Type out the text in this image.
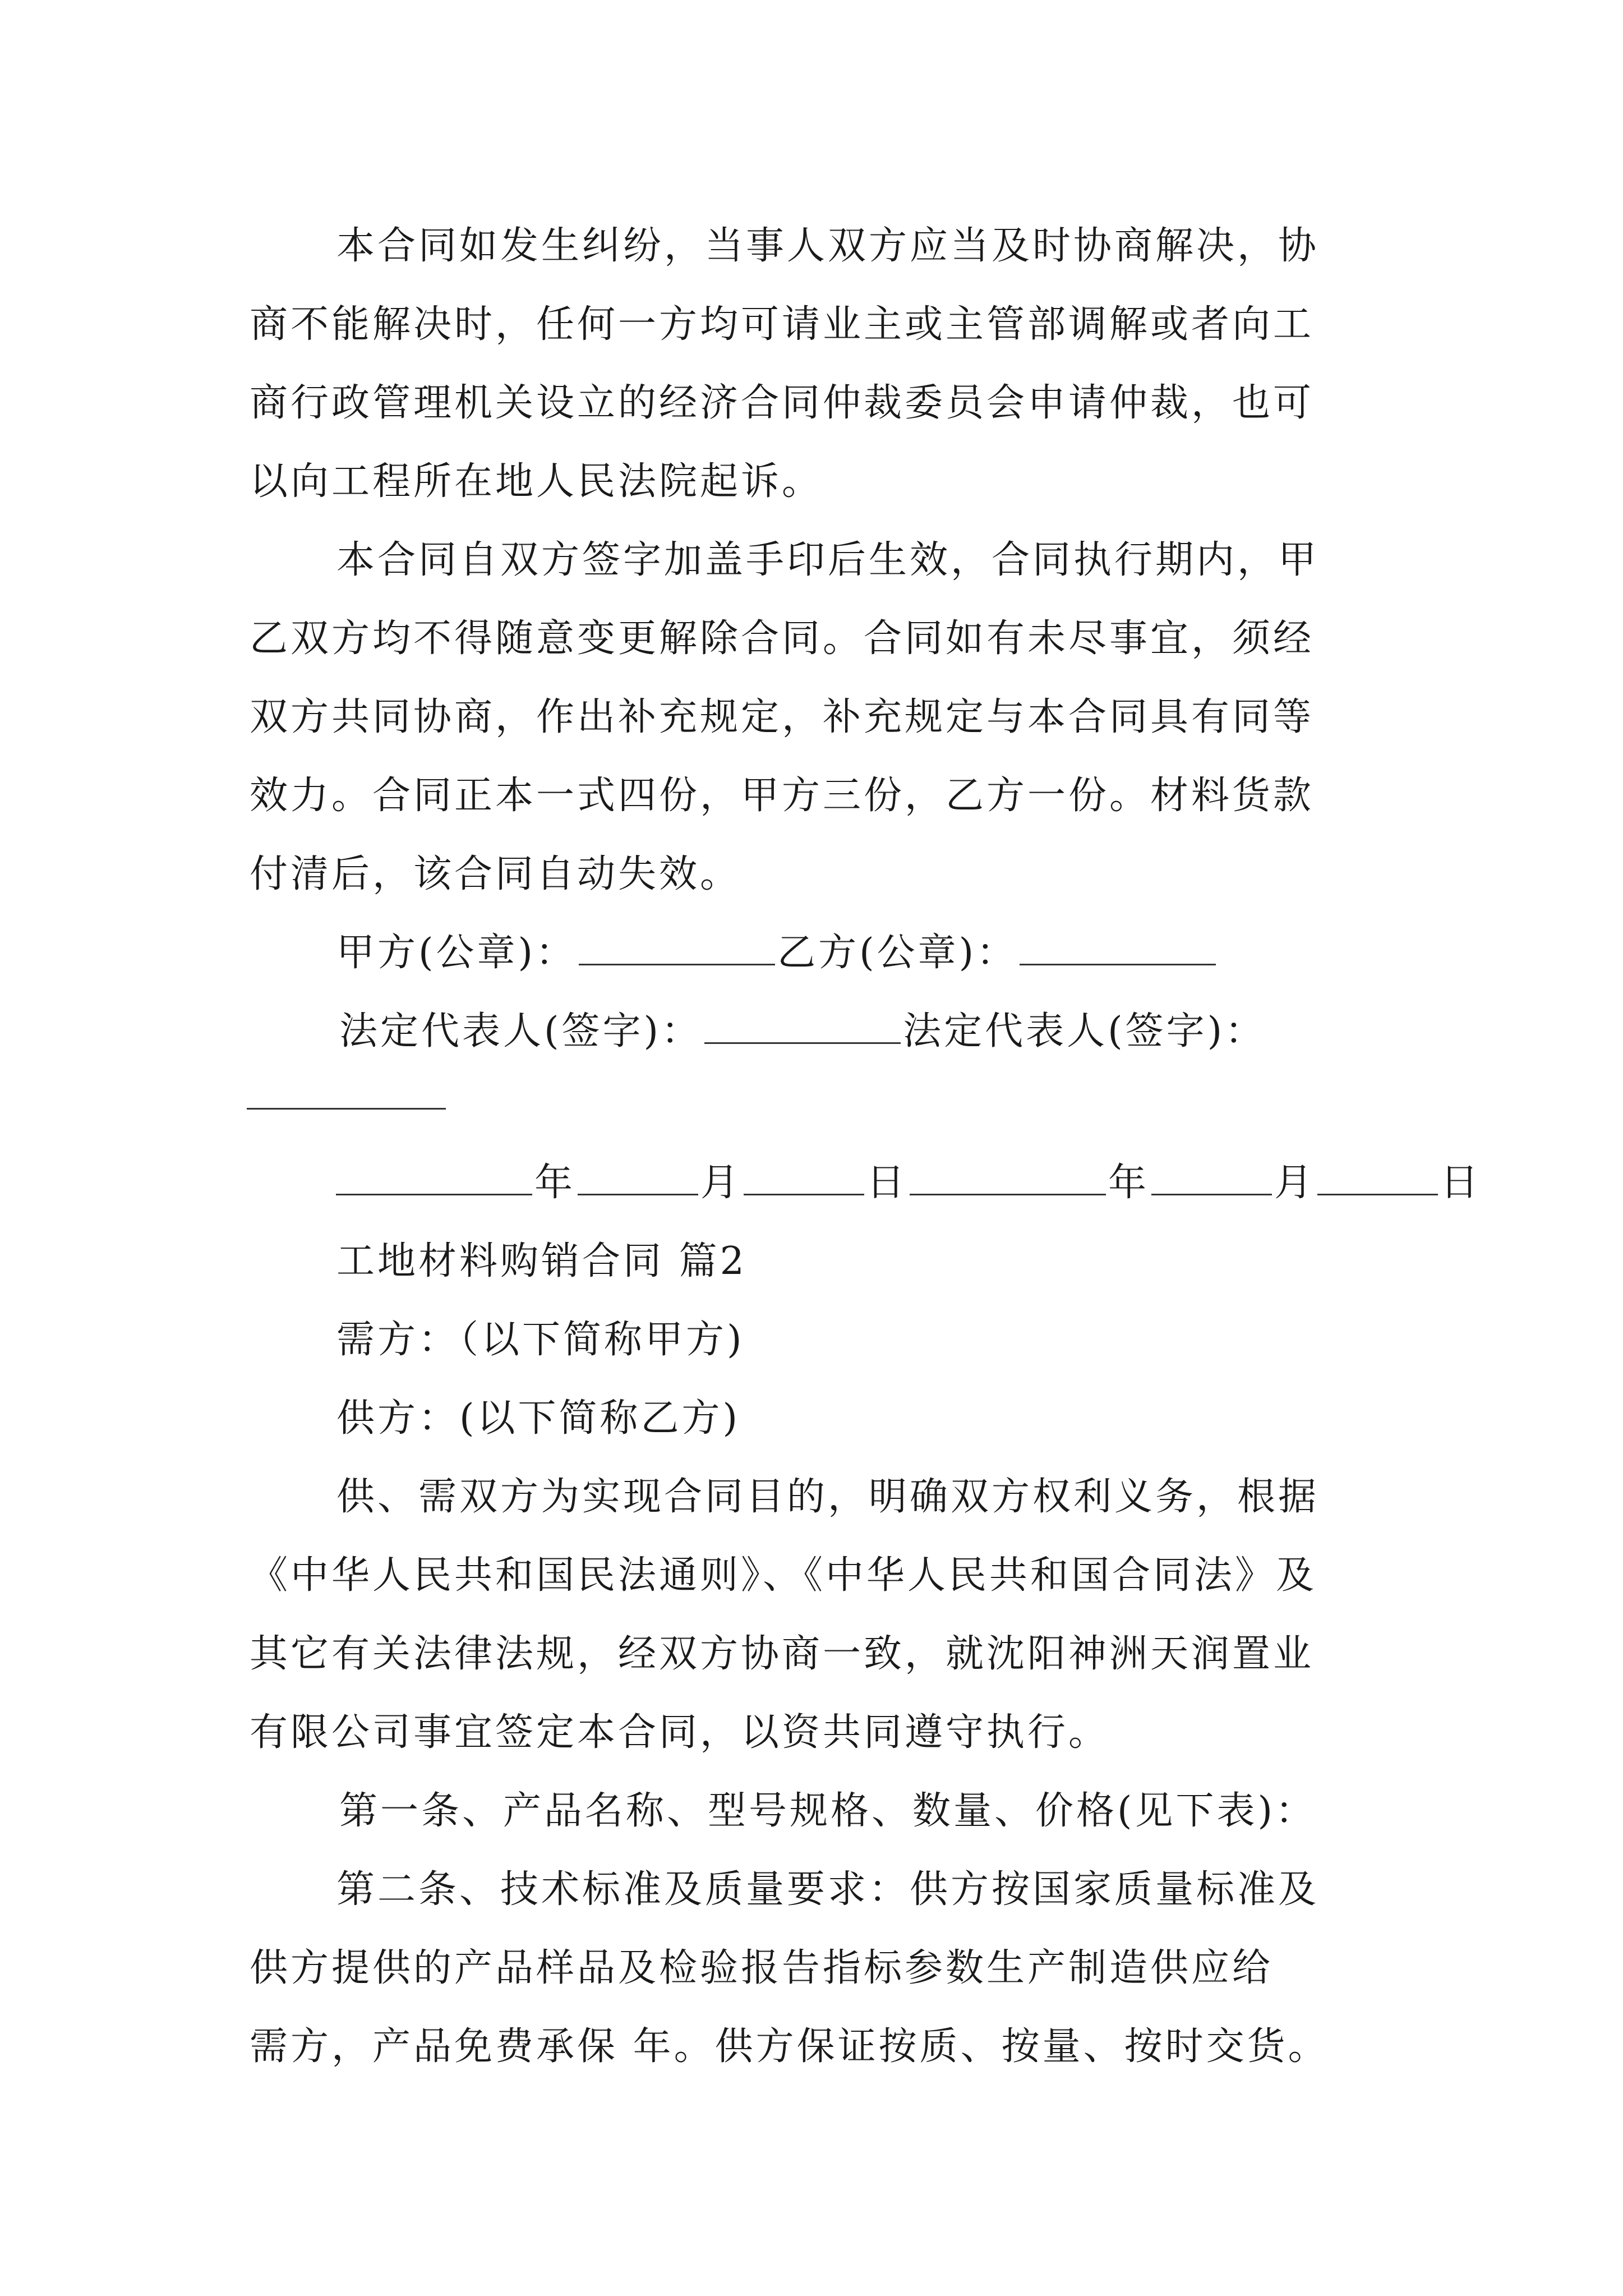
本合同如发生纠纷，当事人双方应当及时协商解决，协
商不能解决时，任何一方均可请业主或主管部调解或者向工
商行政管理机关设立的经济合同仲裁委员会申请仲裁，也可
以向工程所在地人民法院起诉。
本合同自双方签字加盖手印后生效，合同执行期内，甲
乙双方均不得随意变更解除合同。合同如有未尽事宜，须经
双方共同协商，作出补充规定，补充规定与本合同具有同等
效力。合同正本一式四份，甲方三份，乙方一份。材料货款
付清后，该合同自动失效。
甲方(公章)：	乙方(公章)：
法定代表人(签字)：	法定代表人(签字)：
年	月	日	年	月	日
工地材料购销合同 篇2
需方：（以下简称甲方)
供方：(以下简称乙方)
供、需双方为实现合同目的，明确双方权利义务，根据
《中华人民共和国民法通则》、《中华人民共和国合同法》及
其它有关法律法规，经双方协商一致，就沈阳神洲天润置业
有限公司事宜签定本合同，以资共同遵守执行。
第一条、产品名称、型号规格、数量、价格(见下表)：
第二条、技术标准及质量要求：供方按国家质量标准及
供方提供的产品样品及检验报告指标参数生产制造供应给
需方，产品免费承保 年。供方保证按质、按量、按时交货。
